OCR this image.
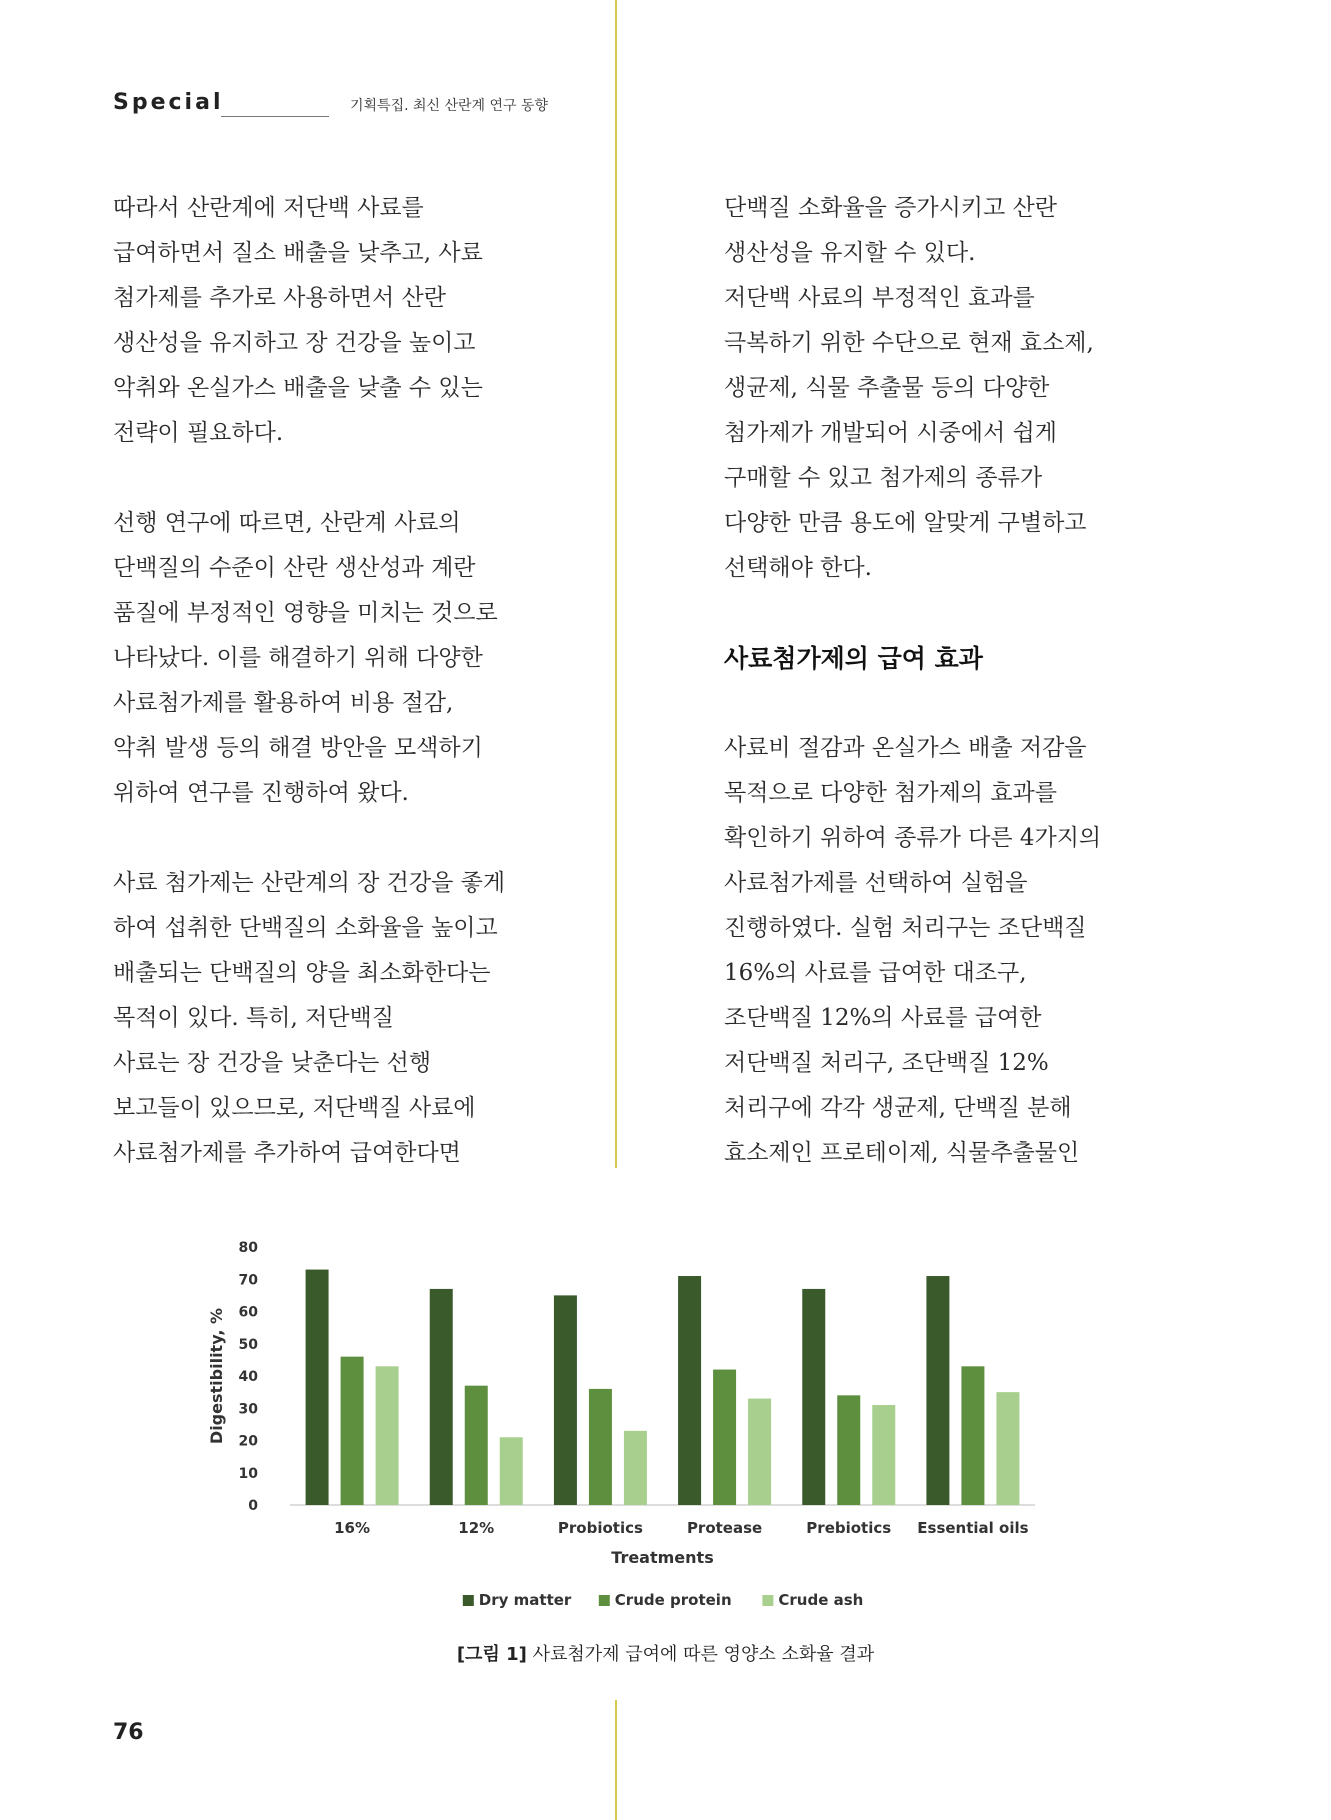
Special	기획특집. 최신 산란계 연구 동향
따라서 산란계에 저단백 사료를
급여하면서 질소 배출을 낮추고, 사료
첨가제를 추가로 사용하면서 산란
생산성을 유지하고 장 건강을 높이고
악취와 온실가스 배출을 낮출 수 있는
전략이 필요하다.
선행 연구에 따르면, 산란계 사료의
단백질의 수준이 산란 생산성과 계란
품질에 부정적인 영향을 미치는 것으로
나타났다. 이를 해결하기 위해 다양한
사료첨가제를 활용하여 비용 절감,
악취 발생 등의 해결 방안을 모색하기
위하여 연구를 진행하여 왔다.
사료 첨가제는 산란계의 장 건강을 좋게
하여 섭취한 단백질의 소화율을 높이고
배출되는 단백질의 양을 최소화한다는
목적이 있다. 특히, 저단백질
사료는 장 건강을 낮춘다는 선행
보고들이 있으므로, 저단백질 사료에
사료첨가제를 추가하여 급여한다면
단백질 소화율을 증가시키고 산란
생산성을 유지할 수 있다.
저단백 사료의 부정적인 효과를
극복하기 위한 수단으로 현재 효소제,
생균제, 식물 추출물 등의 다양한
첨가제가 개발되어 시중에서 쉽게
구매할 수 있고 첨가제의 종류가
다양한 만큼 용도에 알맞게 구별하고
선택해야 한다.
사료첨가제의 급여 효과
사료비 절감과 온실가스 배출 저감을
목적으로 다양한 첨가제의 효과를
확인하기 위하여 종류가 다른 4가지의
사료첨가제를 선택하여 실험을
진행하였다. 실험 처리구는 조단백질
16%의 사료를 급여한 대조구,
조단백질 12%의 사료를 급여한
저단백질 처리구, 조단백질 12%
처리구에 각각 생균제, 단백질 분해
효소제인 프로테이제, 식물추출물인
0
10
20
30
40
50
60
70
80
16%	12%	Probiotics	Protease	Prebiotics Essential oils
Treatments
Digestibility, %
Dry matter	Crude protein	Crude ash
[그림 1] 사료첨가제 급여에 따른 영양소 소화율 결과
76
